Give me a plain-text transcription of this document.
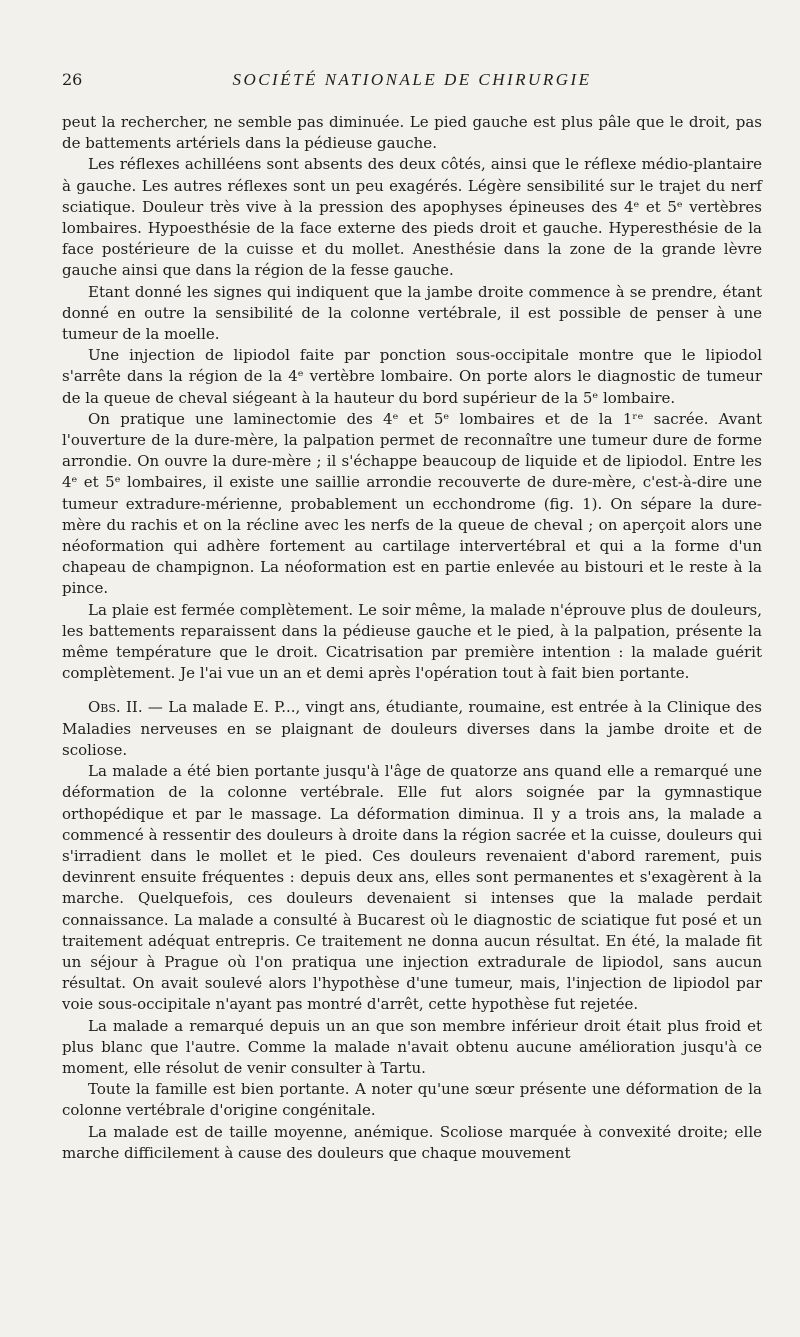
26	SOCIÉTÉ NATIONALE DE CHIRURGIE

peut la rechercher, ne semble pas diminuée. Le pied gauche est plus pâle que le droit, pas de battements artériels dans la pédieuse gauche.

Les réflexes achilléens sont absents des deux côtés, ainsi que le réflexe médio-plantaire à gauche. Les autres réflexes sont un peu exagérés. Légère sensibilité sur le trajet du nerf sciatique. Douleur très vive à la pression des apophyses épineuses des 4ᵉ et 5ᵉ vertèbres lombaires. Hypoesthésie de la face externe des pieds droit et gauche. Hyperesthésie de la face postérieure de la cuisse et du mollet. Anesthésie dans la zone de la grande lèvre gauche ainsi que dans la région de la fesse gauche.

Etant donné les signes qui indiquent que la jambe droite commence à se prendre, étant donné en outre la sensibilité de la colonne vertébrale, il est possible de penser à une tumeur de la moelle.

Une injection de lipiodol faite par ponction sous-occipitale montre que le lipiodol s'arrête dans la région de la 4ᵉ vertèbre lombaire. On porte alors le diagnostic de tumeur de la queue de cheval siégeant à la hauteur du bord supérieur de la 5ᵉ lombaire.

On pratique une laminectomie des 4ᵉ et 5ᵉ lombaires et de la 1ʳᵉ sacrée. Avant l'ouverture de la dure-mère, la palpation permet de reconnaître une tumeur dure de forme arrondie. On ouvre la dure-mère ; il s'échappe beaucoup de liquide et de lipiodol. Entre les 4ᵉ et 5ᵉ lombaires, il existe une saillie arrondie recouverte de dure-mère, c'est-à-dire une tumeur extradure-mérienne, probablement un ecchondrome (fig. 1). On sépare la dure-mère du rachis et on la récline avec les nerfs de la queue de cheval ; on aperçoit alors une néoformation qui adhère fortement au cartilage intervertébral et qui a la forme d'un chapeau de champignon. La néoformation est en partie enlevée au bistouri et le reste à la pince.

La plaie est fermée complètement. Le soir même, la malade n'éprouve plus de douleurs, les battements reparaissent dans la pédieuse gauche et le pied, à la palpation, présente la même température que le droit. Cicatrisation par première intention : la malade guérit complètement. Je l'ai vue un an et demi après l'opération tout à fait bien portante.

Obs. II. — La malade E. P..., vingt ans, étudiante, roumaine, est entrée à la Clinique des Maladies nerveuses en se plaignant de douleurs diverses dans la jambe droite et de scoliose.

La malade a été bien portante jusqu'à l'âge de quatorze ans quand elle a remarqué une déformation de la colonne vertébrale. Elle fut alors soignée par la gymnastique orthopédique et par le massage. La déformation diminua. Il y a trois ans, la malade a commencé à ressentir des douleurs à droite dans la région sacrée et la cuisse, douleurs qui s'irradient dans le mollet et le pied. Ces douleurs revenaient d'abord rarement, puis devinrent ensuite fréquentes : depuis deux ans, elles sont permanentes et s'exagèrent à la marche. Quelquefois, ces douleurs devenaient si intenses que la malade perdait connaissance. La malade a consulté à Bucarest où le diagnostic de sciatique fut posé et un traitement adéquat entrepris. Ce traitement ne donna aucun résultat. En été, la malade fit un séjour à Prague où l'on pratiqua une injection extradurale de lipiodol, sans aucun résultat. On avait soulevé alors l'hypothèse d'une tumeur, mais, l'injection de lipiodol par voie sous-occipitale n'ayant pas montré d'arrêt, cette hypothèse fut rejetée.

La malade a remarqué depuis un an que son membre inférieur droit était plus froid et plus blanc que l'autre. Comme la malade n'avait obtenu aucune amélioration jusqu'à ce moment, elle résolut de venir consulter à Tartu.

Toute la famille est bien portante. A noter qu'une sœur présente une déformation de la colonne vertébrale d'origine congénitale.

La malade est de taille moyenne, anémique. Scoliose marquée à convexité droite; elle marche difficilement à cause des douleurs que chaque mouvement
